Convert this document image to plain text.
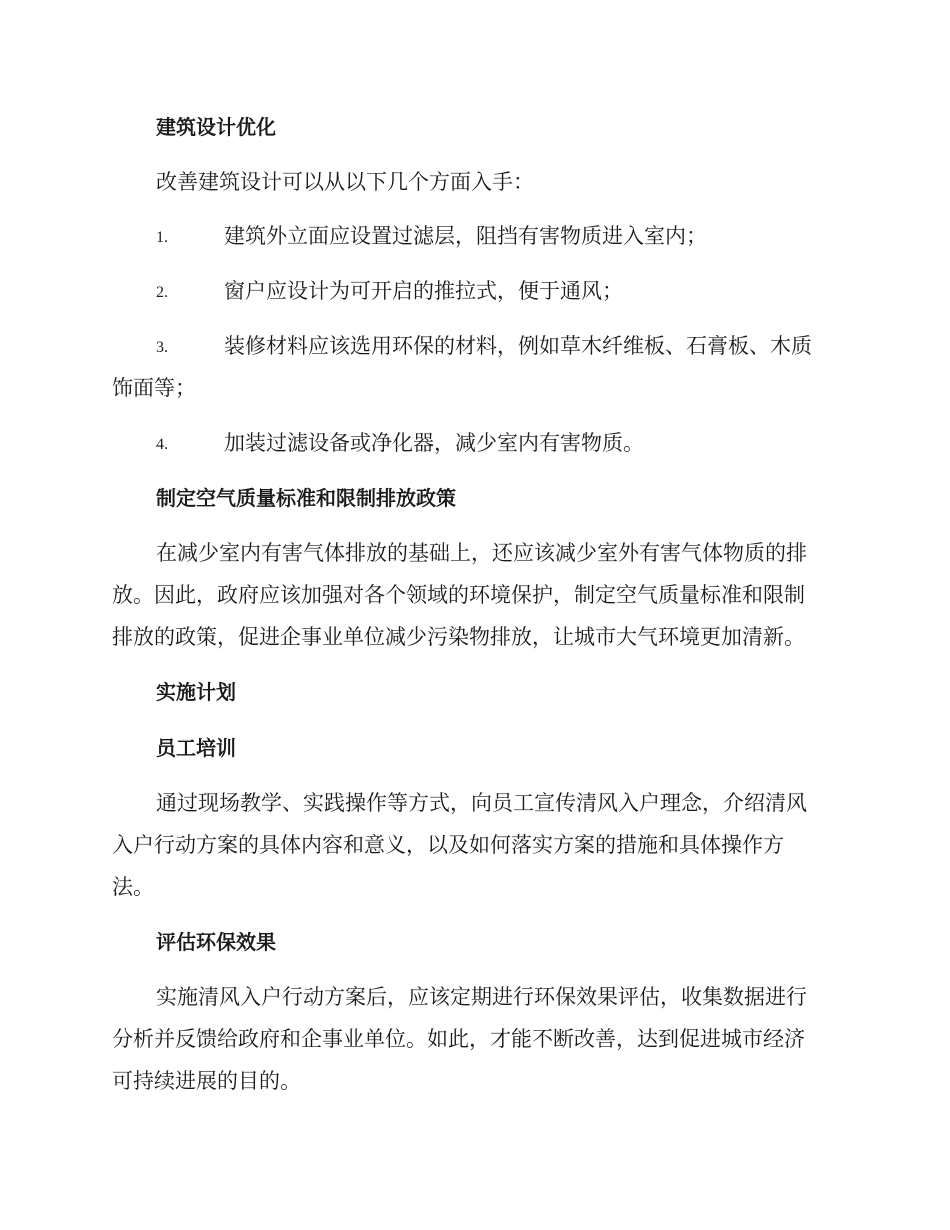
建筑设计优化
改善建筑设计可以从以下几个方面入手：
1.	建筑外立面应设置过滤层，阻挡有害物质进入室内；
2.	窗户应设计为可开启的推拉式，便于通风；
3.	装修材料应该选用环保的材料，例如草木纤维板、石膏板、木质
饰面等；
4.	加装过滤设备或净化器，减少室内有害物质。
制定空气质量标准和限制排放政策
在减少室内有害气体排放的基础上，还应该减少室外有害气体物质的排
放。因此，政府应该加强对各个领域的环境保护，制定空气质量标准和限制
排放的政策，促进企事业单位减少污染物排放，让城市大气环境更加清新。
实施计划
员工培训
通过现场教学、实践操作等方式，向员工宣传清风入户理念，介绍清风
入户行动方案的具体内容和意义，以及如何落实方案的措施和具体操作方
法。
评估环保效果
实施清风入户行动方案后，应该定期进行环保效果评估，收集数据进行
分析并反馈给政府和企事业单位。如此，才能不断改善，达到促进城市经济
可持续进展的目的。
